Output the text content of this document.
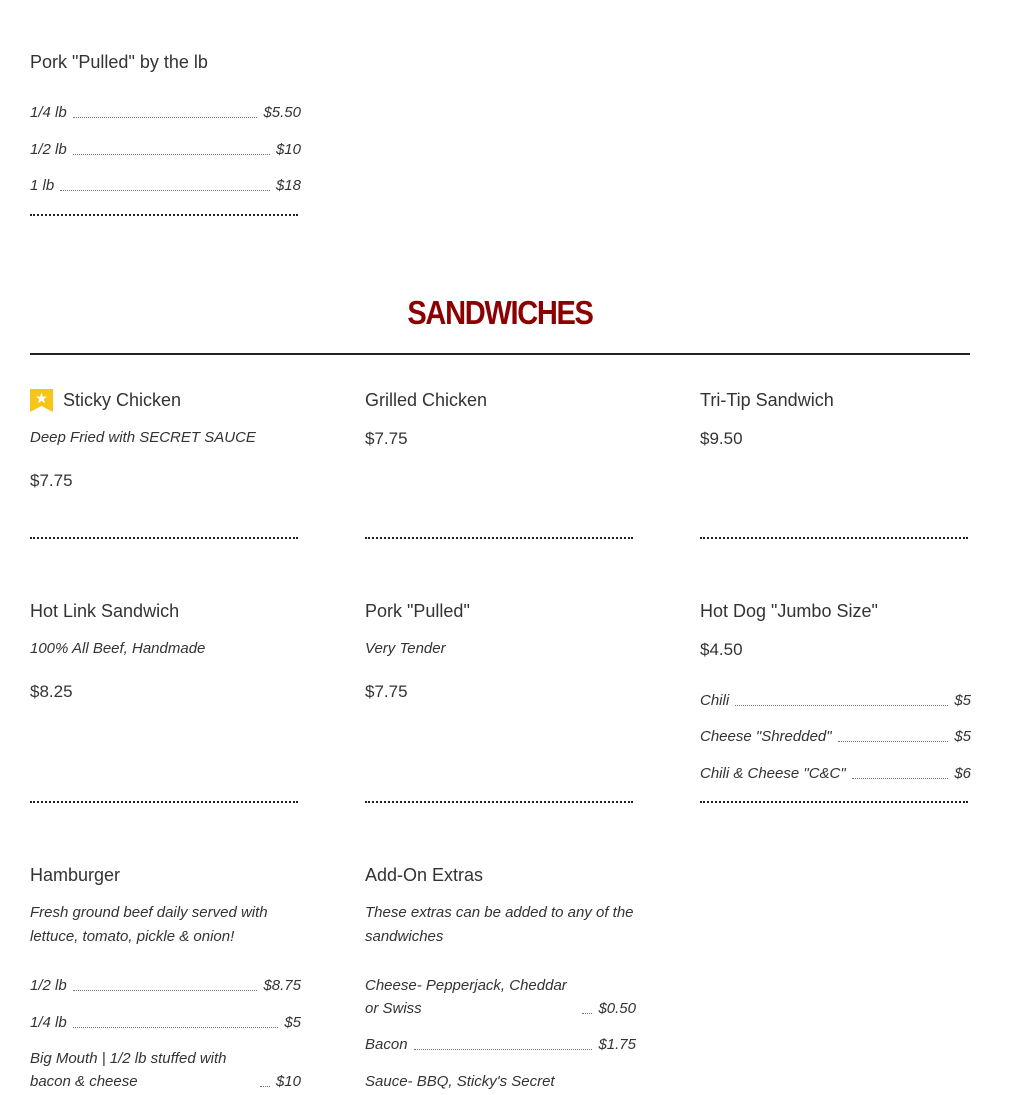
Pork "Pulled" by the lb
1/4 lb	$5.50
1/2 lb	$10
1 lb	$18
SANDWICHES
Sticky Chicken
Deep Fried with SECRET SAUCE
$7.75
Grilled Chicken
$7.75
Tri-Tip Sandwich
$9.50
Hot Link Sandwich
100% All Beef, Handmade
$8.25
Pork "Pulled"
Very Tender
$7.75
Hot Dog "Jumbo Size"
$4.50
Chili	$5
Cheese "Shredded"	$5
Chili & Cheese "C&C"	$6
Hamburger
Fresh ground beef daily served with lettuce, tomato, pickle & onion!
1/2 lb	$8.75
1/4 lb	$5
Big Mouth | 1/2 lb stuffed with bacon & cheese	$10
Add-On Extras
These extras can be added to any of the sandwiches
Cheese- Pepperjack, Cheddar or Swiss	$0.50
Bacon	$1.75
Sauce- BBQ, Sticky's Secret
